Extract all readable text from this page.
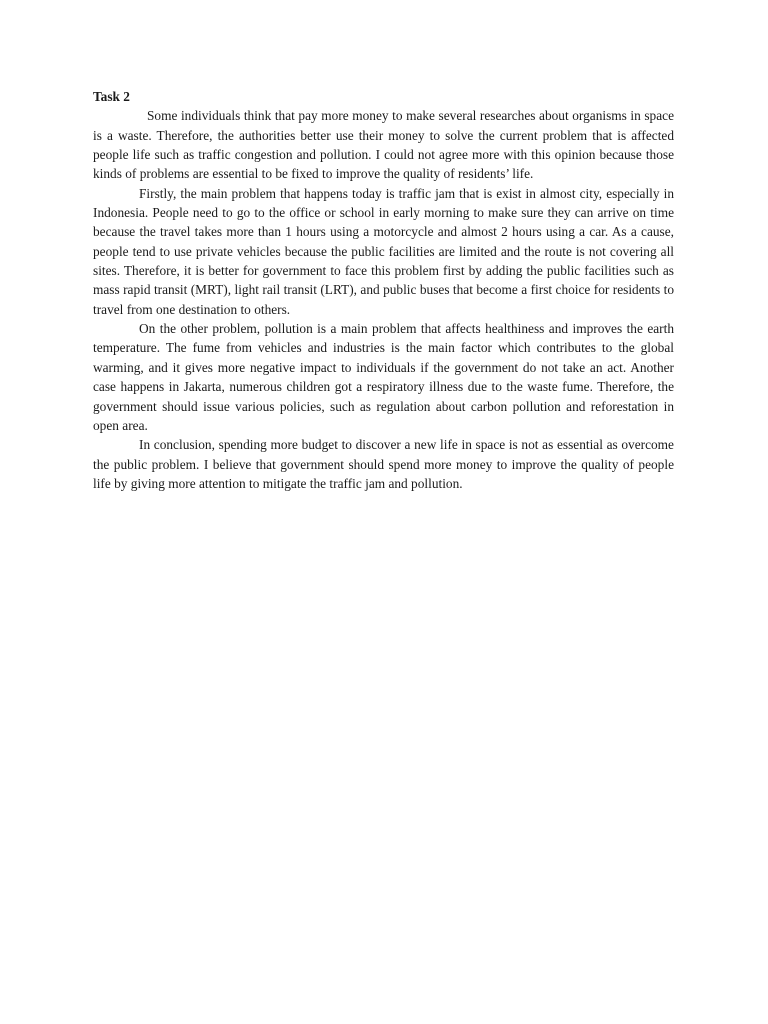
Task 2

Some individuals think that pay more money to make several researches about organisms in space is a waste. Therefore, the authorities better use their money to solve the current problem that is affected people life such as traffic congestion and pollution. I could not agree more with this opinion because those kinds of problems are essential to be fixed to improve the quality of residents’ life.

Firstly, the main problem that happens today is traffic jam that is exist in almost city, especially in Indonesia. People need to go to the office or school in early morning to make sure they can arrive on time because the travel takes more than 1 hours using a motorcycle and almost 2 hours using a car. As a cause, people tend to use private vehicles because the public facilities are limited and the route is not covering all sites. Therefore, it is better for government to face this problem first by adding the public facilities such as mass rapid transit (MRT), light rail transit (LRT), and public buses that become a first choice for residents to travel from one destination to others.

On the other problem, pollution is a main problem that affects healthiness and improves the earth temperature. The fume from vehicles and industries is the main factor which contributes to the global warming, and it gives more negative impact to individuals if the government do not take an act. Another case happens in Jakarta, numerous children got a respiratory illness due to the waste fume. Therefore, the government should issue various policies, such as regulation about carbon pollution and reforestation in open area.

In conclusion, spending more budget to discover a new life in space is not as essential as overcome the public problem. I believe that government should spend more money to improve the quality of people life by giving more attention to mitigate the traffic jam and pollution.
